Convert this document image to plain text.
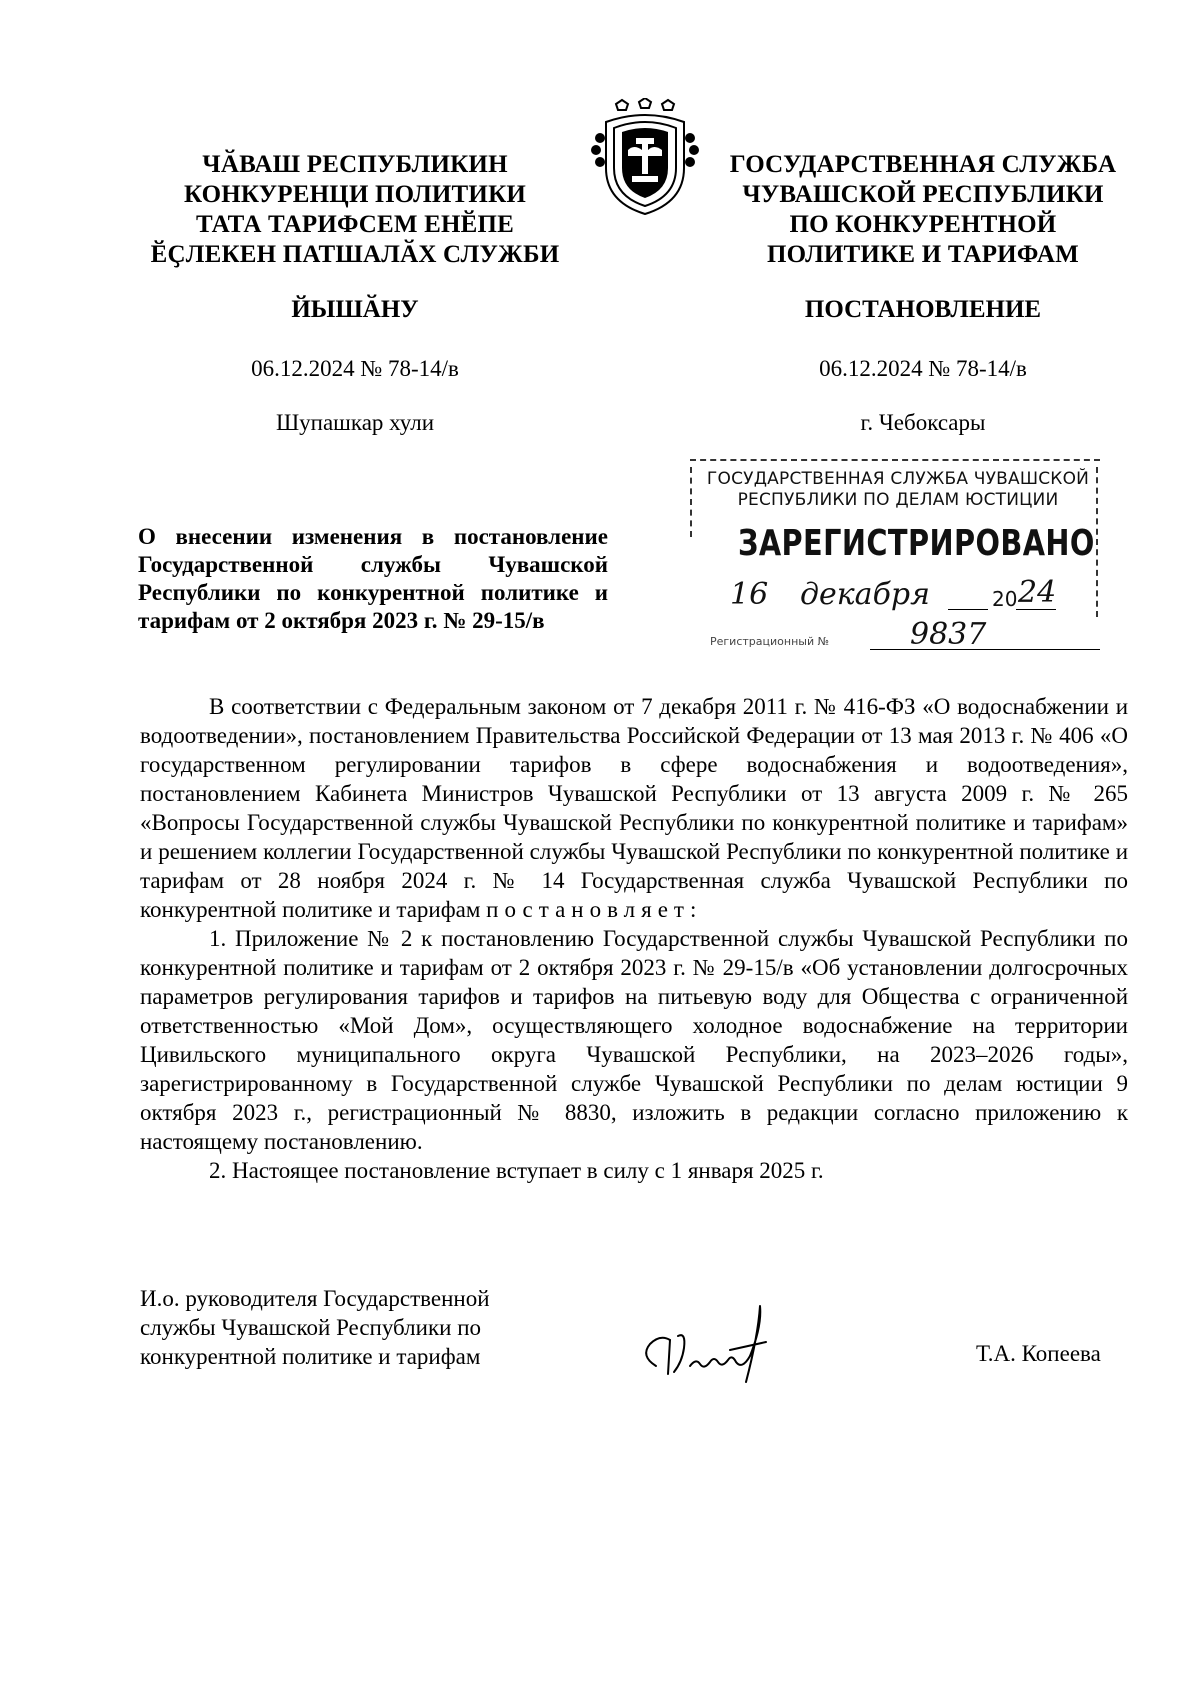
ЧӐВАШ РЕСПУБЛИКИН
КОНКУРЕНЦИ ПОЛИТИКИ
ТАТА ТАРИФСЕМ ЕНӖПЕ
ӖҪЛЕКЕН ПАТШАЛӐХ СЛУЖБИ
ГОСУДАРСТВЕННАЯ СЛУЖБА
ЧУВАШСКОЙ РЕСПУБЛИКИ
ПО КОНКУРЕНТНОЙ
ПОЛИТИКЕ И ТАРИФАМ
ЙЫШӐНУ	ПОСТАНОВЛЕНИЕ
06.12.2024 № 78-14/в	06.12.2024 № 78-14/в
Шупашкар хули	г. Чебоксары
ГОСУДАРСТВЕННАЯ СЛУЖБА ЧУВАШСКОЙ
РЕСПУБЛИКИ ПО ДЕЛАМ ЮСТИЦИИ
ЗАРЕГИСТРИРОВАНО
16 декабря	20 24
Регистрационный №	9837
О внесении изменения в постановление Государственной службы Чувашской Республики по конкурентной политике и тарифам от 2 октября 2023 г. № 29-15/в

В соответствии с Федеральным законом от 7 декабря 2011 г. № 416-ФЗ «О водоснабжении и водоотведении», постановлением Правительства Российской Федерации от 13 мая 2013 г. № 406 «О государственном регулировании тарифов в сфере водоснабжения и водоотведения», постановлением Кабинета Министров Чувашской Республики от 13 августа 2009 г. № 265 «Вопросы Государственной службы Чувашской Республики по конкурентной политике и тарифам» и решением коллегии Государственной службы Чувашской Республики по конкурентной политике и тарифам от 28 ноября 2024 г. № 14 Государственная служба Чувашской Республики по конкурентной политике и тарифам постановляет:

1. Приложение № 2 к постановлению Государственной службы Чувашской Республики по конкурентной политике и тарифам от 2 октября 2023 г. № 29-15/в «Об установлении долгосрочных параметров регулирования тарифов и тарифов на питьевую воду для Общества с ограниченной ответственностью «Мой Дом», осуществляющего холодное водоснабжение на территории Цивильского муниципального округа Чувашской Республики, на 2023–2026 годы», зарегистрированному в Государственной службе Чувашской Республики по делам юстиции 9 октября 2023 г., регистрационный № 8830, изложить в редакции согласно приложению к настоящему постановлению.

2. Настоящее постановление вступает в силу с 1 января 2025 г.

И.о. руководителя Государственной
службы Чувашской Республики по
конкурентной политике и тарифам	Т.А. Копеева
